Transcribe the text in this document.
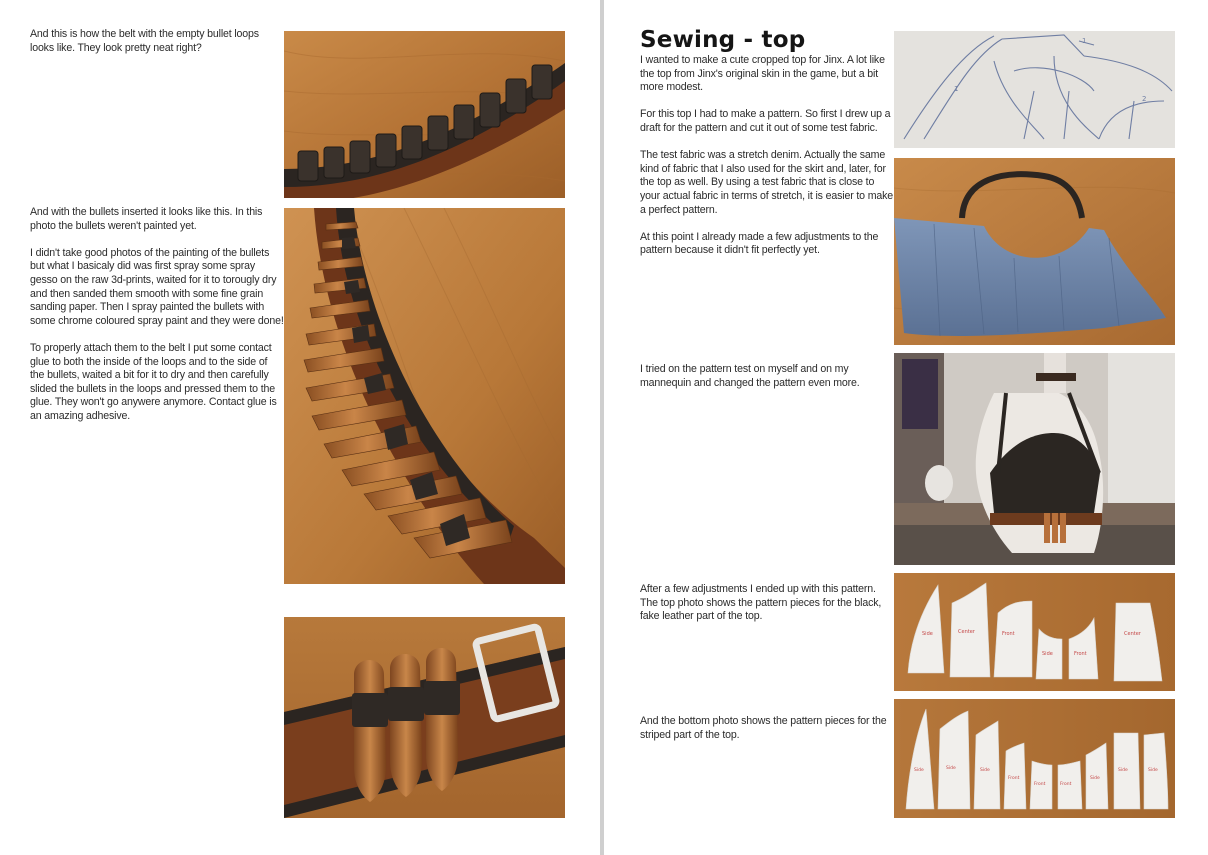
And this is how the belt with the empty bullet loops looks like. They look pretty neat right?

And with the bullets inserted it looks like this. In this photo the bullets weren't painted yet.

I didn't take good photos of the painting of the bullets but what I basicaly did was first spray some spray gesso on the raw 3d-prints, waited for it to torougly dry and then sanded them smooth with some fine grain sanding paper. Then I spray painted the bullets with some chrome coloured spray paint and they were done!

To properly attach them to the belt I put some contact glue to both the inside of the loops and to the side of the bullets, waited a bit for it to dry and then carefully slided the bullets in the loops and pressed them to the glue. They won't go anywere anymore. Contact glue is an amazing adhesive.

Sewing - top

I wanted to make a cute cropped top for Jinx. A lot like the top from Jinx's original skin in the game, but a bit more modest.

For this top I had to make a pattern. So first I drew up a draft for the pattern and cut it out of some test fabric.

The test fabric was a stretch denim. Actually the same kind of fabric that I also used for the skirt and, later, for the top as well. By using a test fabric that is close to your actual fabric in terms of stretch, it is easier to make a perfect pattern.

At this point I already made a few adjustments to the pattern because it didn't fit perfectly yet.

I tried on the pattern test on myself and on my mannequin and changed the pattern even more.

After a few adjustments I ended up with this pattern. The top photo shows the pattern pieces for the black, fake leather part of the top.

And the bottom photo shows the pattern pieces for the striped part of the top.

1
2
1
Side	Center	Front
Side	Front
Center
Side	Side	Side
Front
Front	Front
Side
Side	Side
